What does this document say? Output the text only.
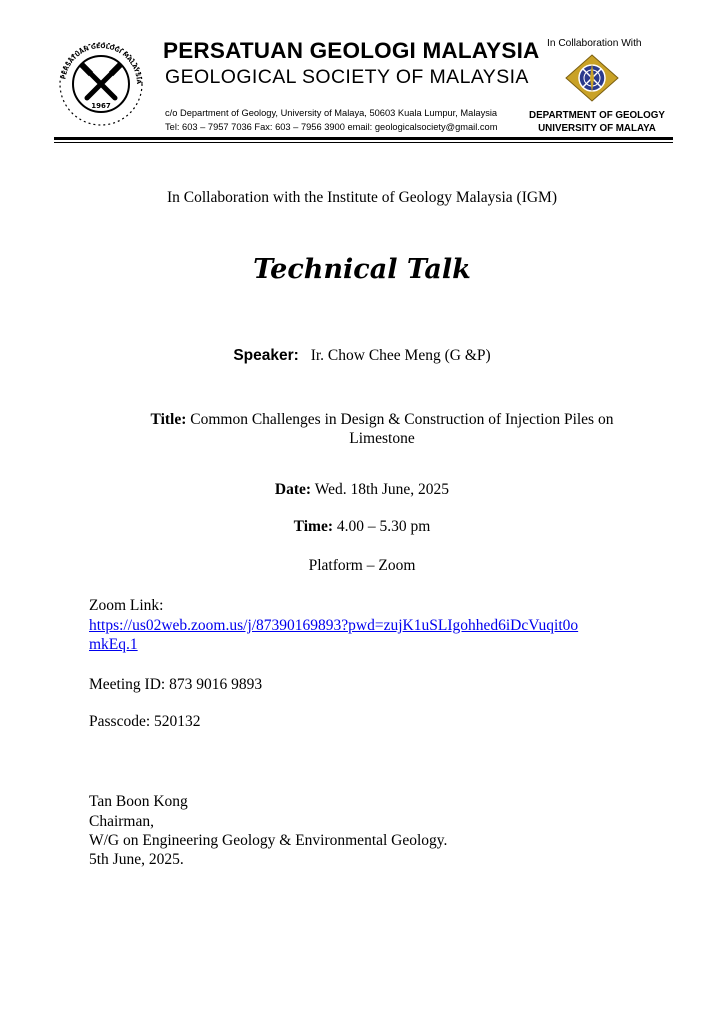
PERSATUAN GEOLOGI MALAYSIA
1967
PERSATUAN GEOLOGI MALAYSIA
GEOLOGICAL SOCIETY OF MALAYSIA
c/o Department of Geology, University of Malaya, 50603 Kuala Lumpur, Malaysia
Tel: 603 – 7957 7036 Fax: 603 – 7956 3900 email: geologicalsociety@gmail.com
In Collaboration With
DEPARTMENT OF GEOLOGY
UNIVERSITY OF MALAYA
In Collaboration with the Institute of Geology Malaysia (IGM)
Technical Talk
Speaker: Ir. Chow Chee Meng (G &P)
Title: Common Challenges in Design & Construction of Injection Piles on
Limestone
Date: Wed. 18th June, 2025
Time: 4.00 – 5.30 pm
Platform – Zoom
Zoom Link:
https://us02web.zoom.us/j/87390169893?pwd=zujK1uSLIgohhed6iDcVuqit0o
mkEq.1
Meeting ID: 873 9016 9893
Passcode: 520132
Tan Boon Kong
Chairman,
W/G on Engineering Geology & Environmental Geology.
5th June, 2025.
